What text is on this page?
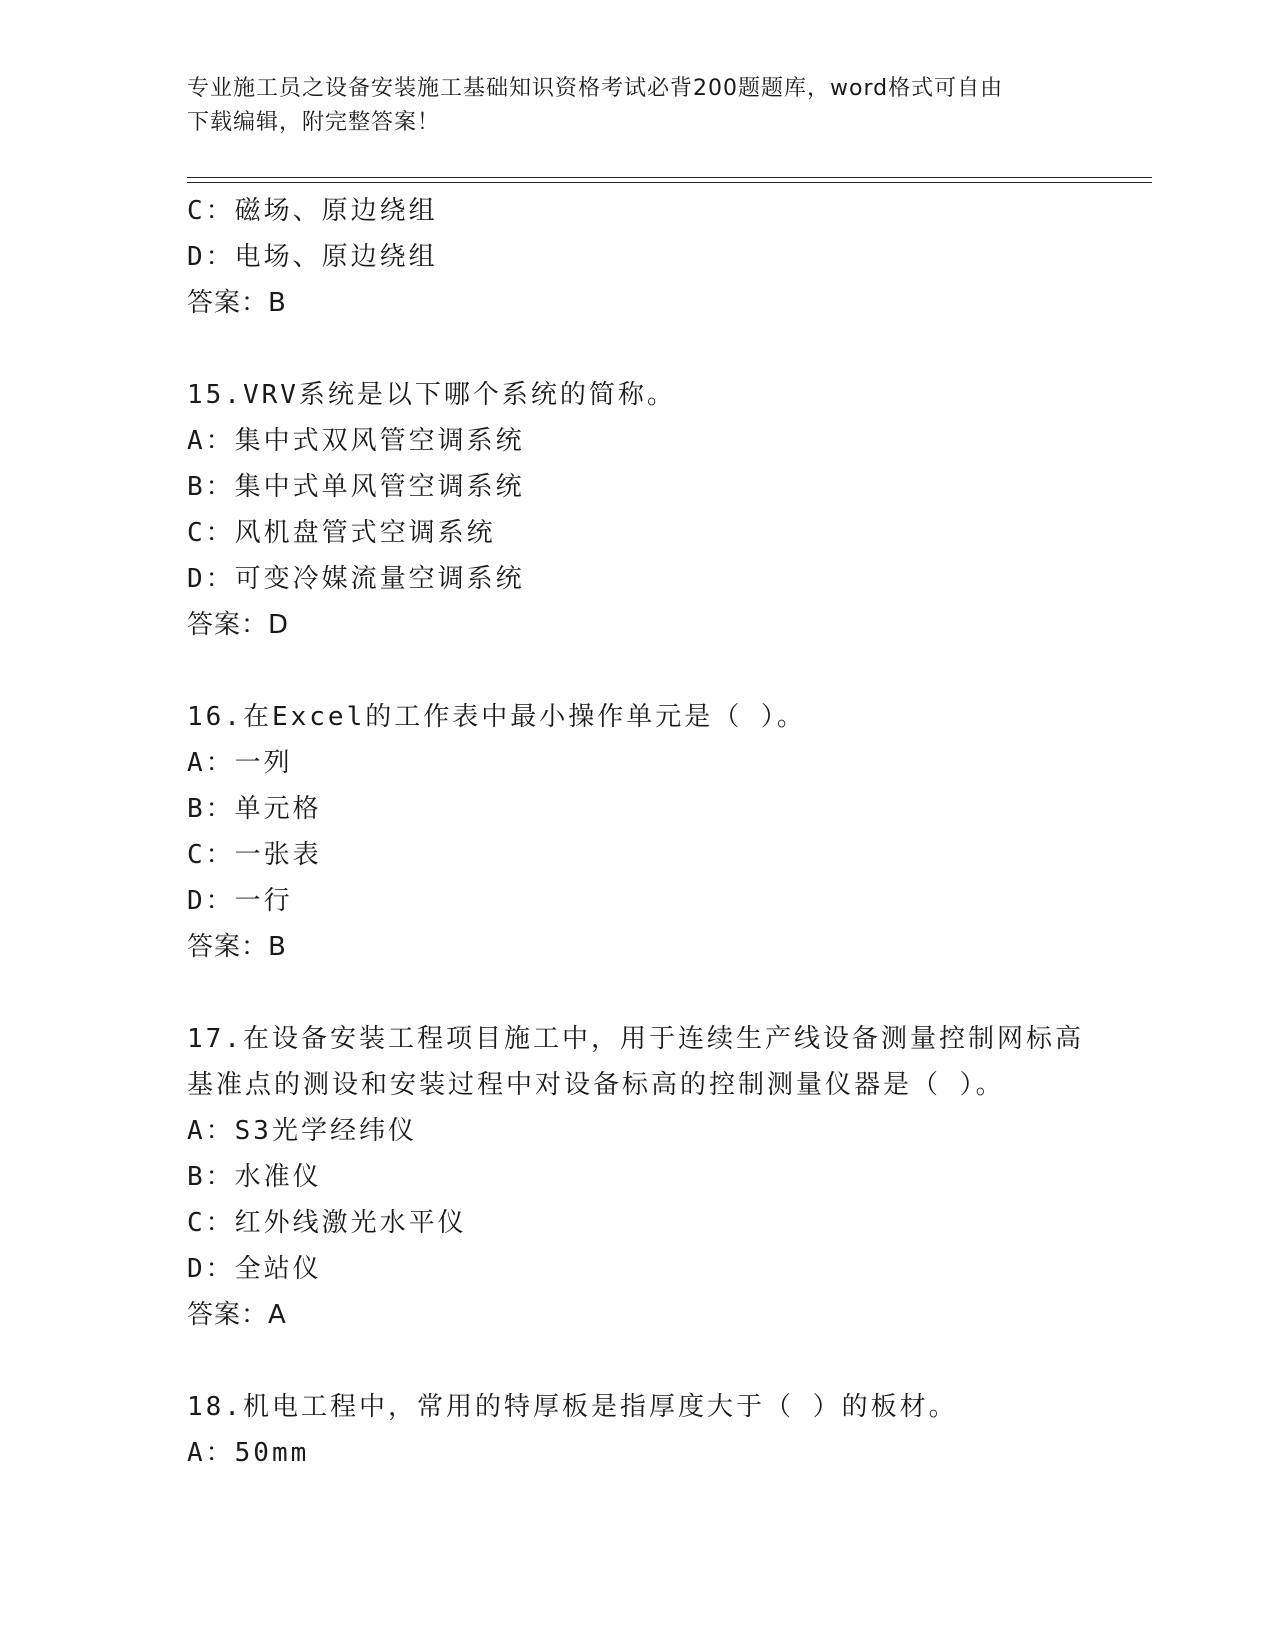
专业施工员之设备安装施工基础知识资格考试必背200题题库，word格式可自由
下载编辑，附完整答案！
C：磁场、原边绕组
D：电场、原边绕组
答案：B
15.VRV系统是以下哪个系统的简称。
A：集中式双风管空调系统
B：集中式单风管空调系统
C：风机盘管式空调系统
D：可变冷媒流量空调系统
答案：D
16.在Excel的工作表中最小操作单元是（ ）。
A：一列
B：单元格
C：一张表
D：一行
答案：B
17.在设备安装工程项目施工中，用于连续生产线设备测量控制网标高
基准点的测设和安装过程中对设备标高的控制测量仪器是（ ）。
A：S3光学经纬仪
B：水准仪
C：红外线激光水平仪
D：全站仪
答案：A
18.机电工程中，常用的特厚板是指厚度大于（ ）的板材。
A：50mm
